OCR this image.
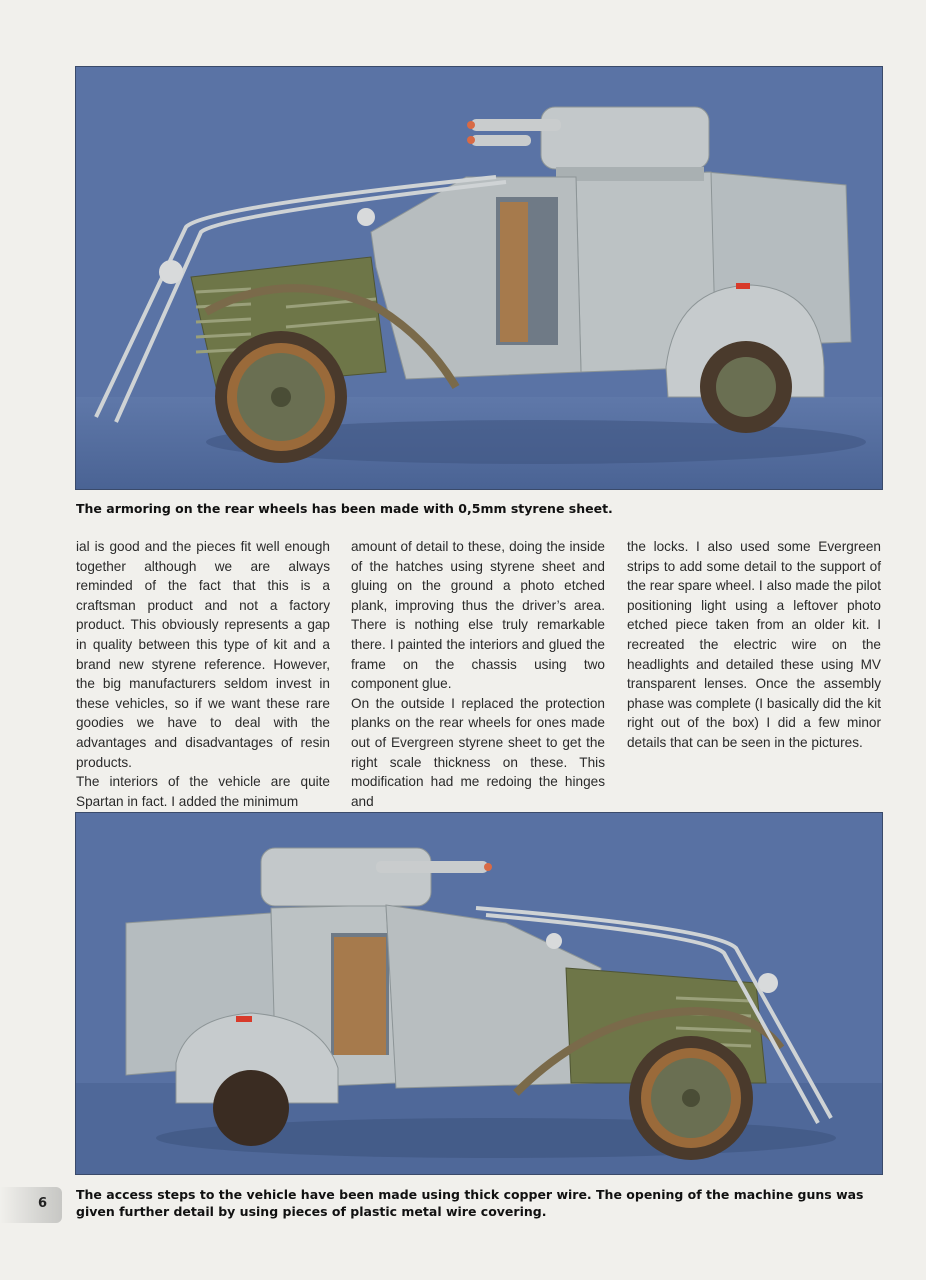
The armoring on the rear wheels has been made with 0,5mm styrene sheet.

ial is good and the pieces fit well enough together although we are always reminded of the fact that this is a craftsman product and not a factory product. This obviously represents a gap in quality between this type of kit and a brand new styrene reference. However, the big manufacturers seldom invest in these vehicles, so if we want these rare goodies we have to deal with the advantages and disadvantages of resin products.

The interiors of the vehicle are quite Spartan in fact. I added the minimum

amount of detail to these, doing the inside of the hatches using styrene sheet and gluing on the ground a photo etched plank, improving thus the driver’s area. There is nothing else truly remarkable there. I painted the interiors and glued the frame on the chassis using two component glue.

On the outside I replaced the protection planks on the rear wheels for ones made out of Evergreen styrene sheet to get the right scale thickness on these. This modification had me redoing the hinges and

the locks. I also used some Evergreen strips to add some detail to the support of the rear spare wheel. I also made the pilot positioning light using a leftover photo etched piece taken from an older kit. I recreated the electric wire on the headlights and detailed these using MV transparent lenses. Once the assembly phase was complete (I basically did the kit right out of the box) I did a few minor details that can be seen in the pictures.

The access steps to the vehicle have been made using thick copper wire. The opening of the machine guns was given further detail by using pieces of plastic metal wire covering.
6
